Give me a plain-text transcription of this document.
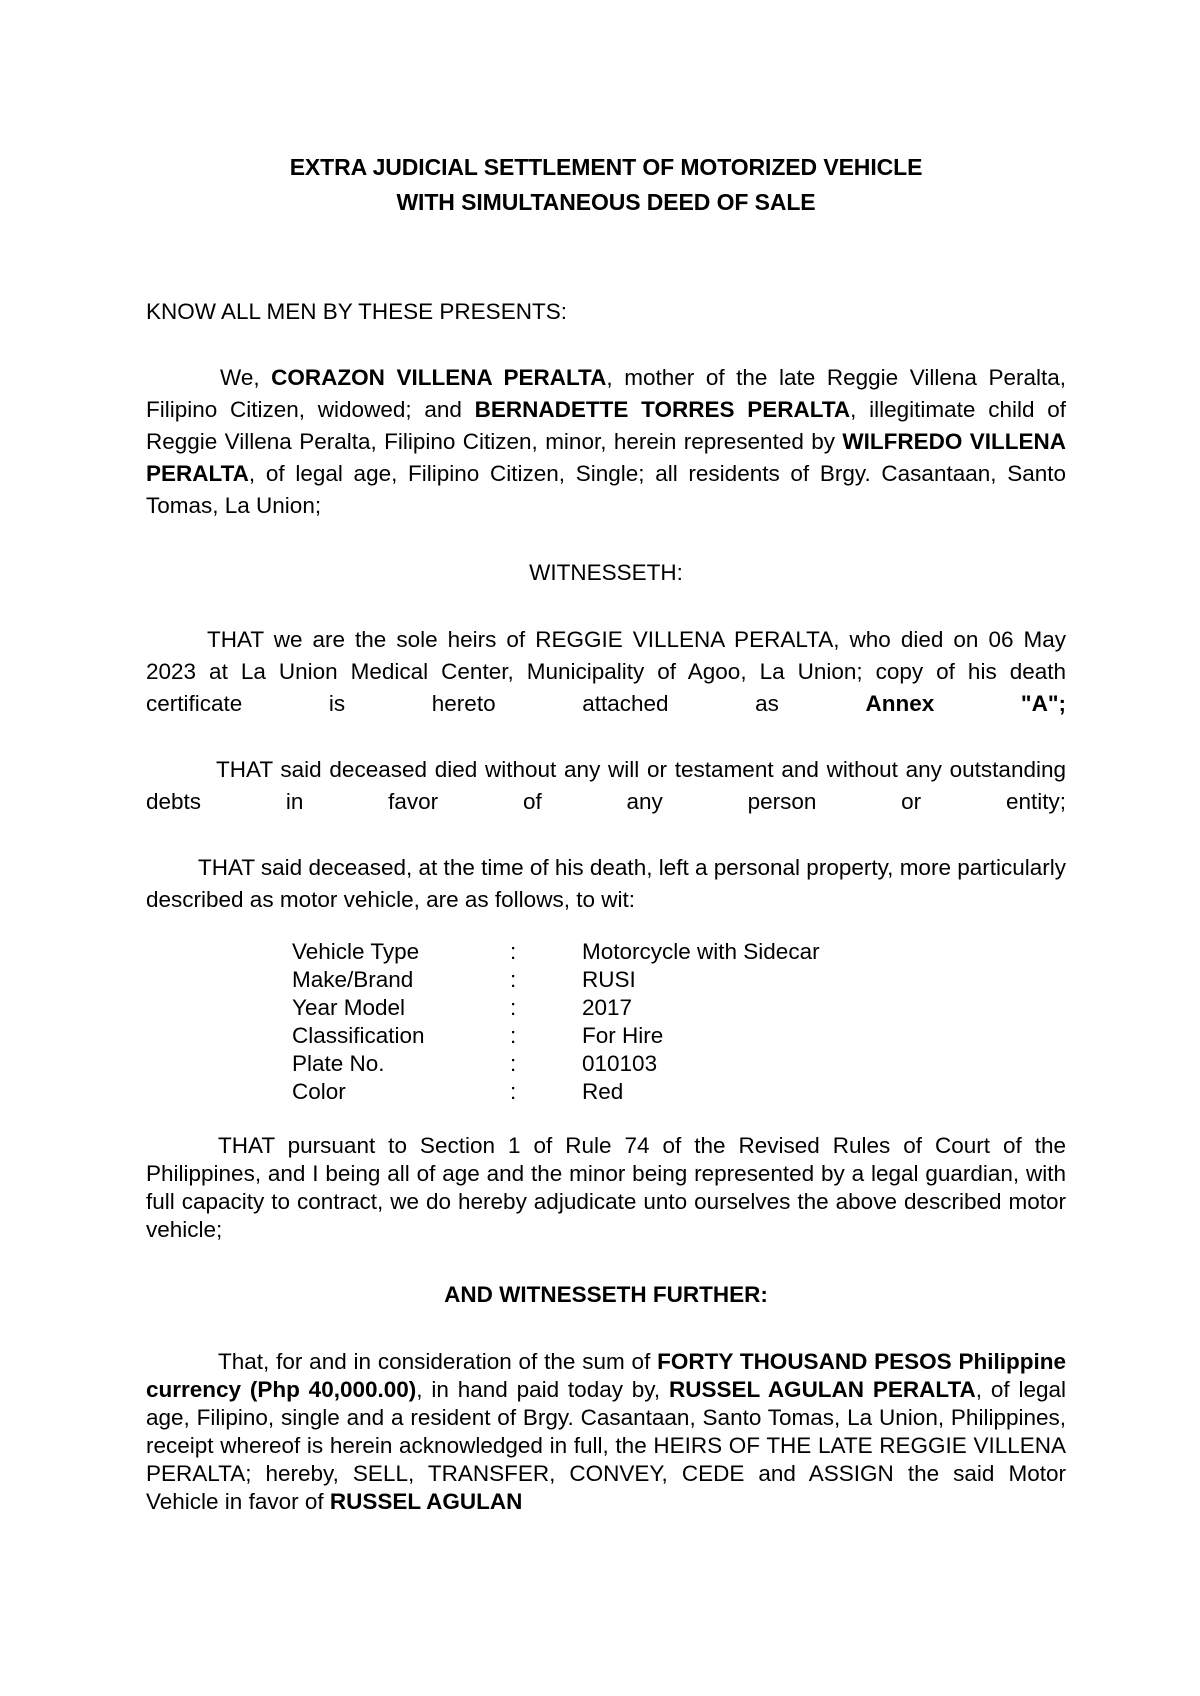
EXTRA JUDICIAL SETTLEMENT OF MOTORIZED VEHICLE
WITH SIMULTANEOUS DEED OF SALE
KNOW ALL MEN BY THESE PRESENTS:
We, CORAZON VILLENA PERALTA, mother of the late Reggie Villena Peralta, Filipino Citizen, widowed; and BERNADETTE TORRES PERALTA, illegitimate child of Reggie Villena Peralta, Filipino Citizen, minor, herein represented by WILFREDO VILLENA PERALTA, of legal age, Filipino Citizen, Single; all residents of Brgy. Casantaan, Santo Tomas, La Union;
WITNESSETH:
THAT we are the sole heirs of REGGIE VILLENA PERALTA, who died on 06 May 2023 at La Union Medical Center, Municipality of Agoo, La Union; copy of his death certificate is hereto attached as Annex "A";
THAT said deceased died without any will or testament and without any outstanding debts in favor of any person or entity;
THAT said deceased, at the time of his death, left a personal property, more particularly described as motor vehicle, are as follows, to wit:
Vehicle Type	:	Motorcycle with Sidecar
Make/Brand	:	RUSI
Year Model	:	2017
Classification	:	For Hire
Plate No.	:	010103
Color	:	Red
THAT pursuant to Section 1 of Rule 74 of the Revised Rules of Court of the Philippines, and I being all of age and the minor being represented by a legal guardian, with full capacity to contract, we do hereby adjudicate unto ourselves the above described motor vehicle;
AND WITNESSETH FURTHER:
That, for and in consideration of the sum of FORTY THOUSAND PESOS Philippine currency (Php 40,000.00), in hand paid today by, RUSSEL AGULAN PERALTA, of legal age, Filipino, single and a resident of Brgy. Casantaan, Santo Tomas, La Union, Philippines, receipt whereof is herein acknowledged in full, the HEIRS OF THE LATE REGGIE VILLENA PERALTA; hereby, SELL, TRANSFER, CONVEY, CEDE and ASSIGN the said Motor Vehicle in favor of RUSSEL AGULAN
